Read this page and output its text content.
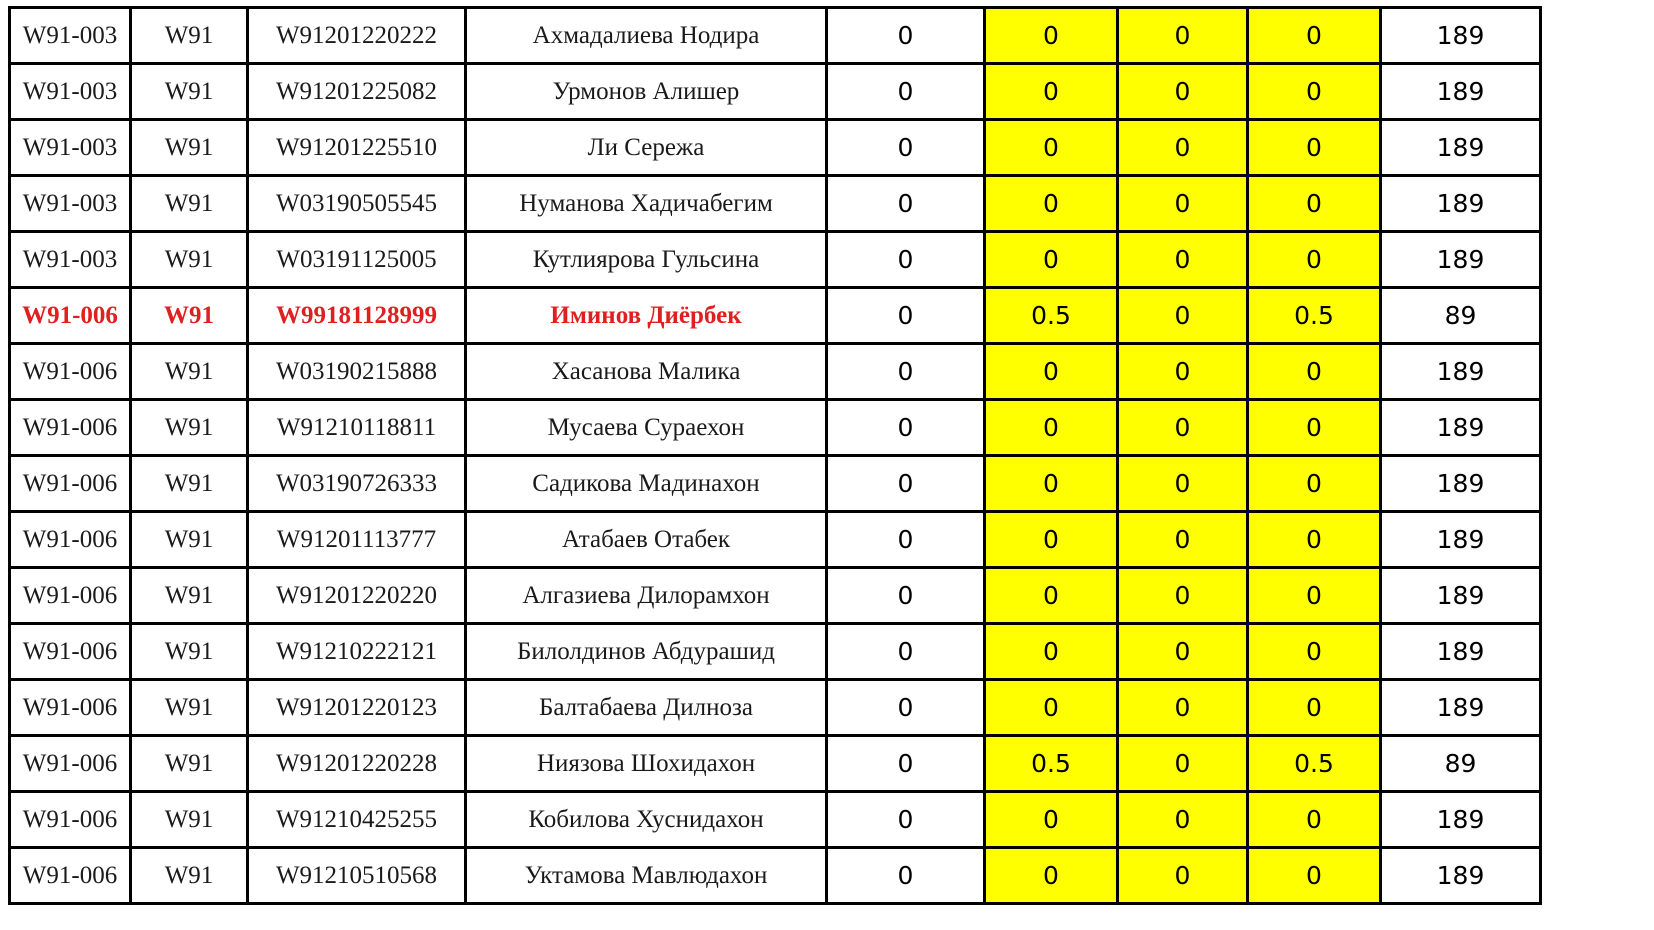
W91-003	W91	W91201220222	Ахмадалиева Нодира	0	0	0	0	189
W91-003	W91	W91201225082	Урмонов Алишер	0	0	0	0	189
W91-003	W91	W91201225510	Ли Сережа	0	0	0	0	189
W91-003	W91	W03190505545	Нуманова Хадичабегим	0	0	0	0	189
W91-003	W91	W03191125005	Кутлиярова Гульсина	0	0	0	0	189
W91-006	W91	W99181128999	Иминов Диёрбек	0	0.5	0	0.5	89
W91-006	W91	W03190215888	Хасанова Малика	0	0	0	0	189
W91-006	W91	W91210118811	Мусаева Сураехон	0	0	0	0	189
W91-006	W91	W03190726333	Садикова Мадинахон	0	0	0	0	189
W91-006	W91	W91201113777	Атабаев Отабек	0	0	0	0	189
W91-006	W91	W91201220220	Алгазиева Дилорамхон	0	0	0	0	189
W91-006	W91	W91210222121	Билолдинов Абдурашид	0	0	0	0	189
W91-006	W91	W91201220123	Балтабаева Дилноза	0	0	0	0	189
W91-006	W91	W91201220228	Ниязова Шохидахон	0	0.5	0	0.5	89
W91-006	W91	W91210425255	Кобилова Хуснидахон	0	0	0	0	189
W91-006	W91	W91210510568	Уктамова Мавлюдахон	0	0	0	0	189
